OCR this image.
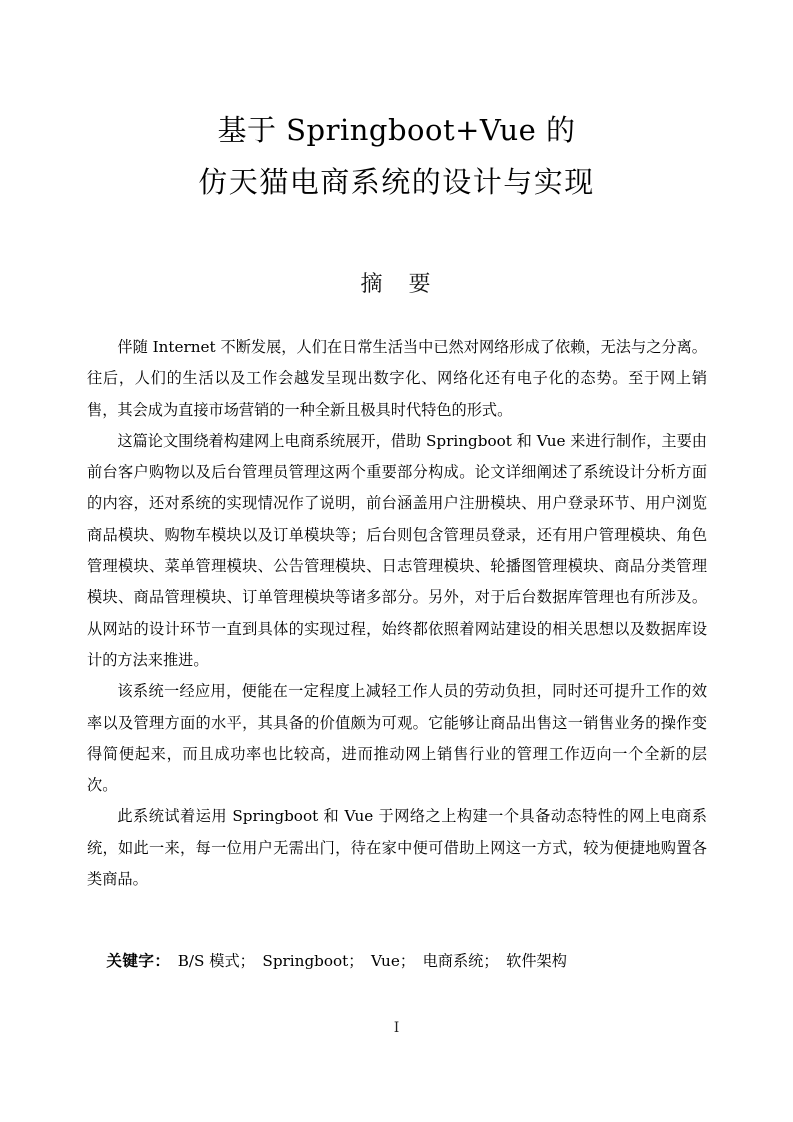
基于 Springboot+Vue 的
仿天猫电商系统的设计与实现
摘　要

伴随 Internet 不断发展，人们在日常生活当中已然对网络形成了依赖，无法与之分离。往后，人们的生活以及工作会越发呈现出数字化、网络化还有电子化的态势。至于网上销售，其会成为直接市场营销的一种全新且极具时代特色的形式。

这篇论文围绕着构建网上电商系统展开，借助 Springboot 和 Vue 来进行制作，主要由前台客户购物以及后台管理员管理这两个重要部分构成。论文详细阐述了系统设计分析方面的内容，还对系统的实现情况作了说明，前台涵盖用户注册模块、用户登录环节、用户浏览商品模块、购物车模块以及订单模块等；后台则包含管理员登录，还有用户管理模块、角色管理模块、菜单管理模块、公告管理模块、日志管理模块、轮播图管理模块、商品分类管理模块、商品管理模块、订单管理模块等诸多部分。另外，对于后台数据库管理也有所涉及。从网站的设计环节一直到具体的实现过程，始终都依照着网站建设的相关思想以及数据库设计的方法来推进。

该系统一经应用，便能在一定程度上减轻工作人员的劳动负担，同时还可提升工作的效率以及管理方面的水平，其具备的价值颇为可观。它能够让商品出售这一销售业务的操作变得简便起来，而且成功率也比较高，进而推动网上销售行业的管理工作迈向一个全新的层次。

此系统试着运用 Springboot 和 Vue 于网络之上构建一个具备动态特性的网上电商系统，如此一来，每一位用户无需出门，待在家中便可借助上网这一方式，较为便捷地购置各类商品。

关键字：　B/S 模式；　Springboot；　Vue；　电商系统；　软件架构

I
